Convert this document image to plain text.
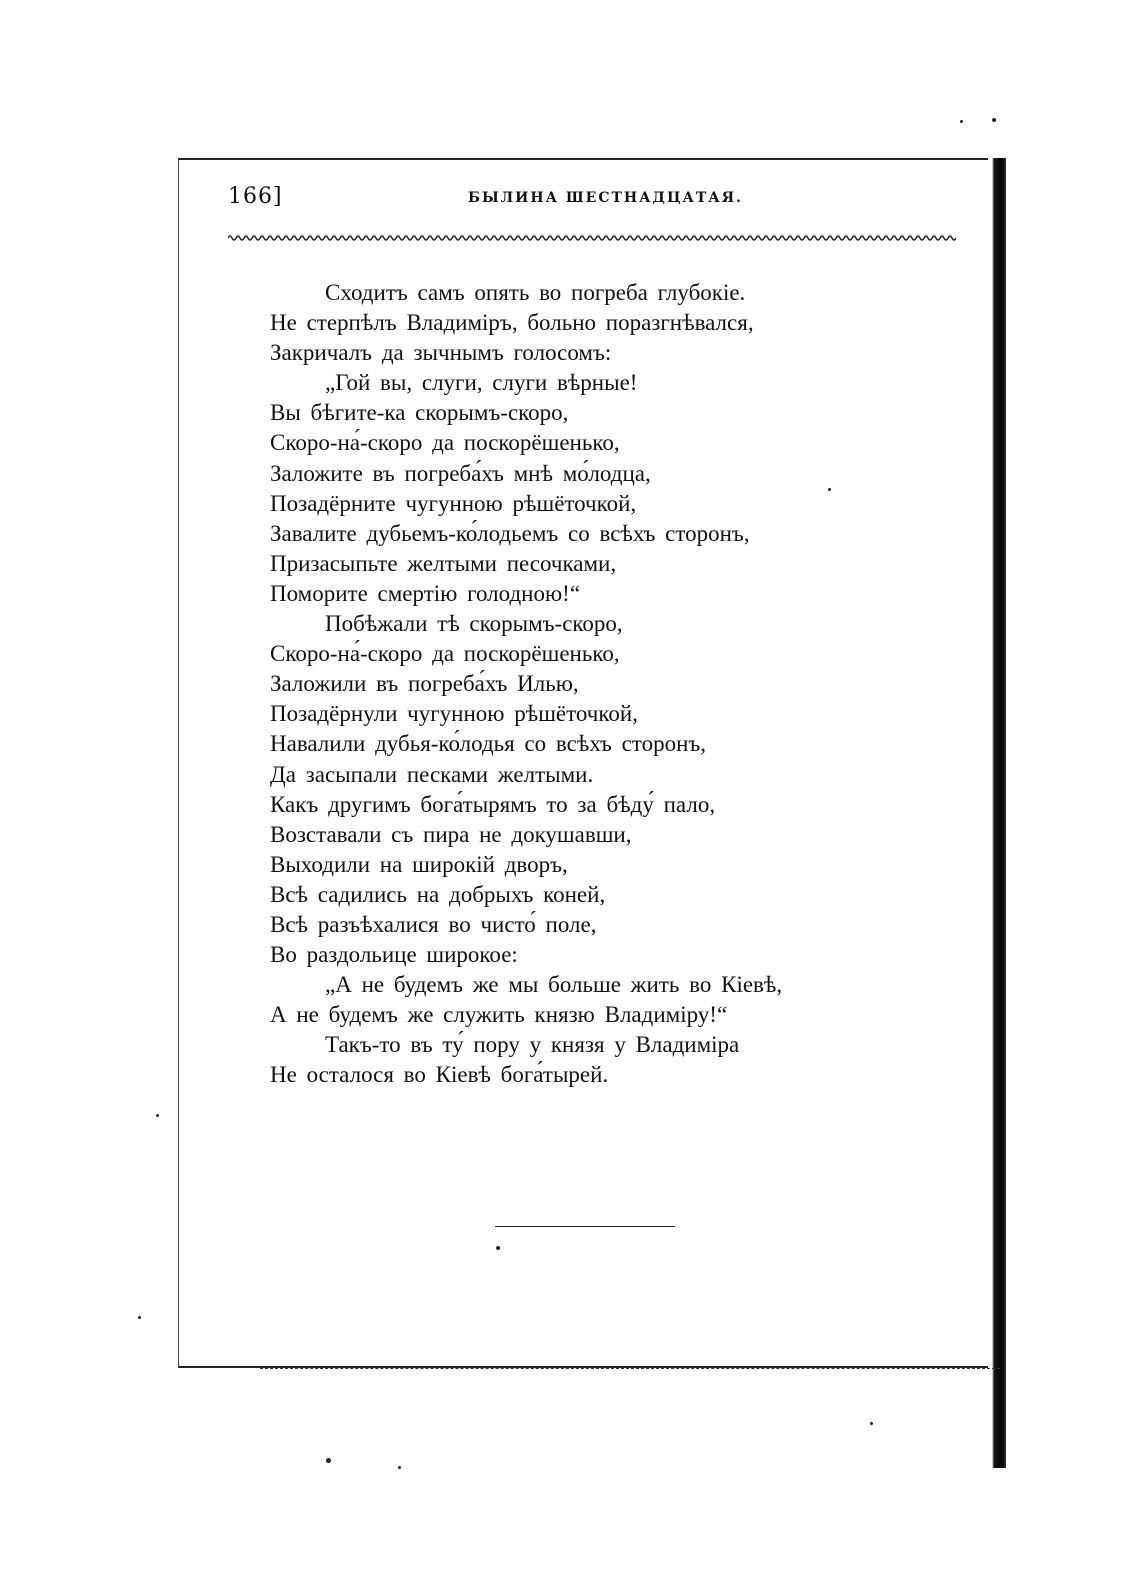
166]	БЫЛИНА ШЕСТНАДЦАТАЯ.
Сходитъ самъ опять во погреба глубокіе.
Не стерпѣлъ Владиміръ, больно поразгнѣвался,
Закричалъ да зычнымъ голосомъ:
„Гой вы, слуги, слуги вѣрные!
Вы бѣгите-ка скорымъ-скоро,
Скоро-на́-скоро да поскорёшенько,
Заложите въ погреба́хъ мнѣ мо́лодца,
Позадёрните чугунною рѣшёточкой,
Завалите дубьемъ-ко́лодьемъ со всѣхъ сторонъ,
Призасыпьте желтыми песочками,
Поморите смертію голодною!“
Побѣжали тѣ скорымъ-скоро,
Скоро-на́-скоро да поскорёшенько,
Заложили въ погреба́хъ Илью,
Позадёрнули чугунною рѣшёточкой,
Навалили дубья-ко́лодья со всѣхъ сторонъ,
Да засыпали песками желтыми.
Какъ другимъ бога́тырямъ то за бѣду́ пало,
Возставали съ пира не докушавши,
Выходили на широкій дворъ,
Всѣ садились на добрыхъ коней,
Всѣ разъѣхалися во чисто́ поле,
Во раздольице широкое:
„А не будемъ же мы больше жить во Кіевѣ,
А не будемъ же служить князю Владиміру!“
Такъ-то въ ту́ пору у князя у Владиміра
Не осталося во Кіевѣ бога́тырей.
